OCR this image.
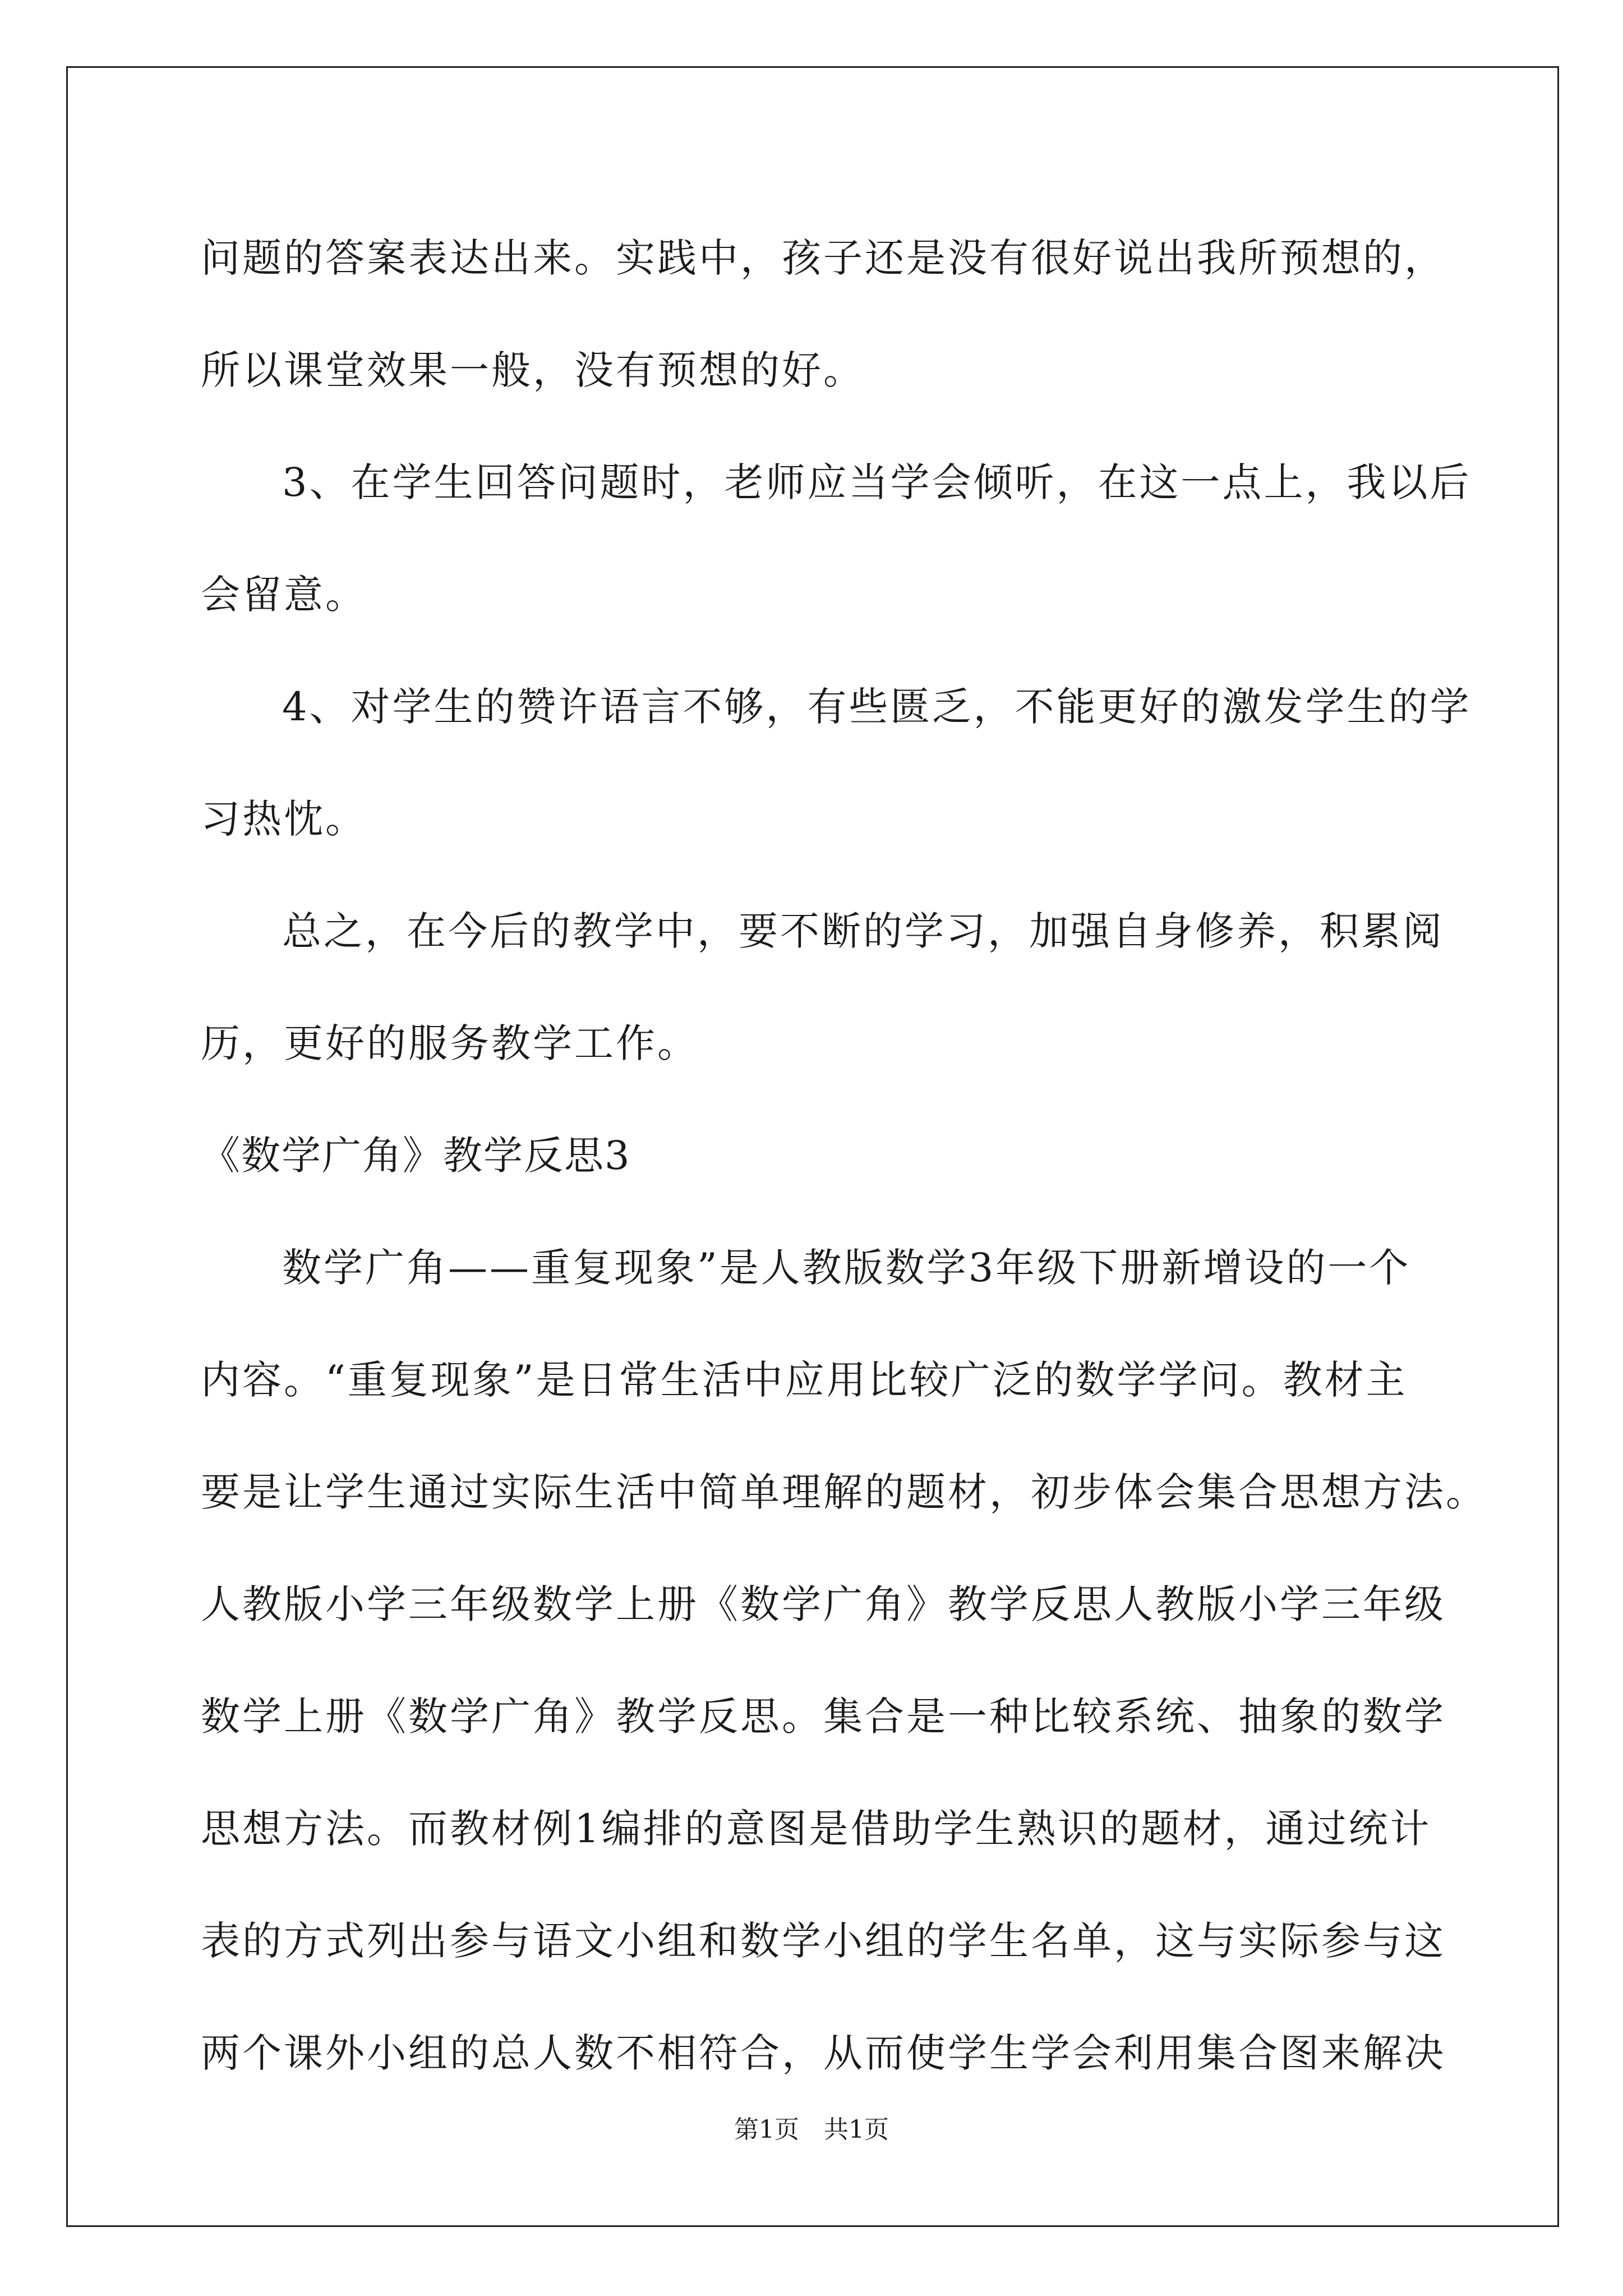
问题的答案表达出来。实践中，孩子还是没有很好说出我所预想的，
所以课堂效果一般，没有预想的好。
3、在学生回答问题时，老师应当学会倾听，在这一点上，我以后
会留意。
4、对学生的赞许语言不够，有些匮乏，不能更好的激发学生的学
习热忱。
总之，在今后的教学中，要不断的学习，加强自身修养，积累阅
历，更好的服务教学工作。
《数学广角》教学反思3
数学广角——重复现象”是人教版数学3年级下册新增设的一个
内容。“重复现象”是日常生活中应用比较广泛的数学学问。教材主
要是让学生通过实际生活中简单理解的题材，初步体会集合思想方法。
人教版小学三年级数学上册《数学广角》教学反思人教版小学三年级
数学上册《数学广角》教学反思。集合是一种比较系统、抽象的数学
思想方法。而教材例1编排的意图是借助学生熟识的题材，通过统计
表的方式列出参与语文小组和数学小组的学生名单，这与实际参与这
两个课外小组的总人数不相符合，从而使学生学会利用集合图来解决
第1页　共1页
